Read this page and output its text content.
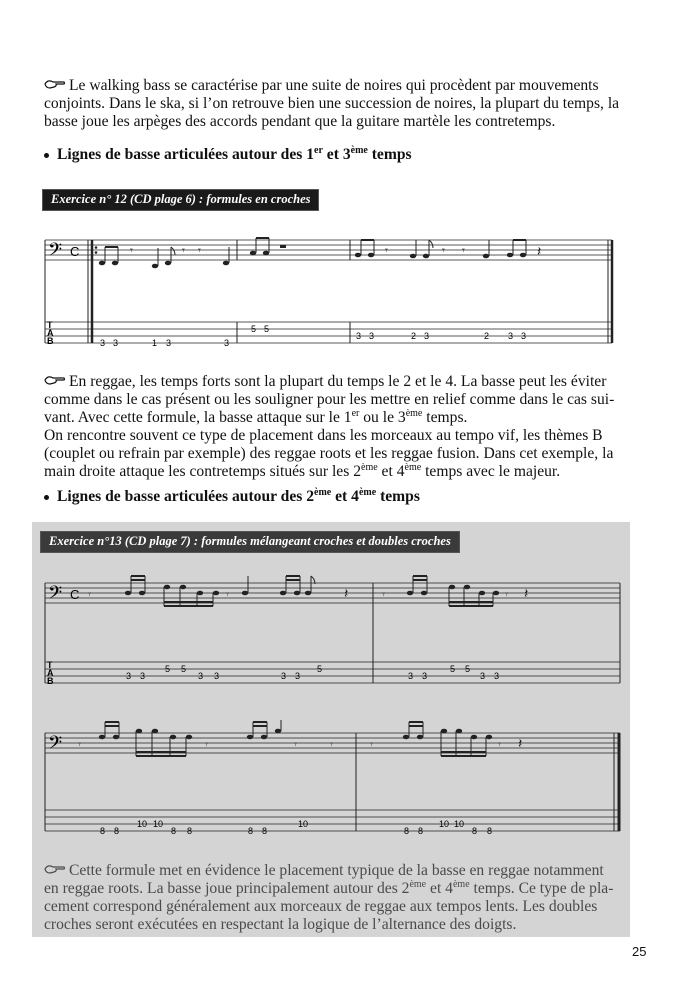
Le walking bass se caractérise par une suite de noires qui procèdent par mouvements
conjoints. Dans le ska, si l’on retrouve bien une succession de noires, la plupart du temps, la
basse joue les arpèges des accords pendant que la guitare martèle les contretemps.
Lignes de basse articulées autour des 1er et 3ème temps
Exercice n° 12 (CD plage 6) : formules en croches
𝄢 C	𝄾	𝄾 𝄾	𝄾	𝄾 𝄾	𝄽
T
A
B	3 3	1 3	3
5 5
3 3	2 3	2 3 3
En reggae, les temps forts sont la plupart du temps le 2 et le 4. La basse peut les éviter
comme dans le cas présent ou les souligner pour les mettre en relief comme dans le cas sui-
vant. Avec cette formule, la basse attaque sur le 1er ou le 3ème temps.
On rencontre souvent ce type de placement dans les morceaux au tempo vif, les thèmes B
(couplet ou refrain par exemple) des reggae roots et les reggae fusion. Dans cet exemple, la
main droite attaque les contretemps situés sur les 2ème et 4ème temps avec le majeur.
Lignes de basse articulées autour des 2ème et 4ème temps
Exercice n°13 (CD plage 7) : formules mélangeant croches et doubles croches
𝄢 C 𝄾	𝄾	𝄽	𝄾	𝄾 𝄽
T
A
B	3 3
5 5
3 3	3 3
5
3 3
5 5
3 3
𝄢 𝄾	𝄾	𝄾	𝄾	𝄾	𝄾 𝄽
8 8
10 10
8 8	8 8
10
8 8
10 10
8 8
Cette formule met en évidence le placement typique de la basse en reggae notamment
en reggae roots. La basse joue principalement autour des 2ème et 4ème temps. Ce type de pla-
cement correspond généralement aux morceaux de reggae aux tempos lents. Les doubles
croches seront exécutées en respectant la logique de l’alternance des doigts.
25
